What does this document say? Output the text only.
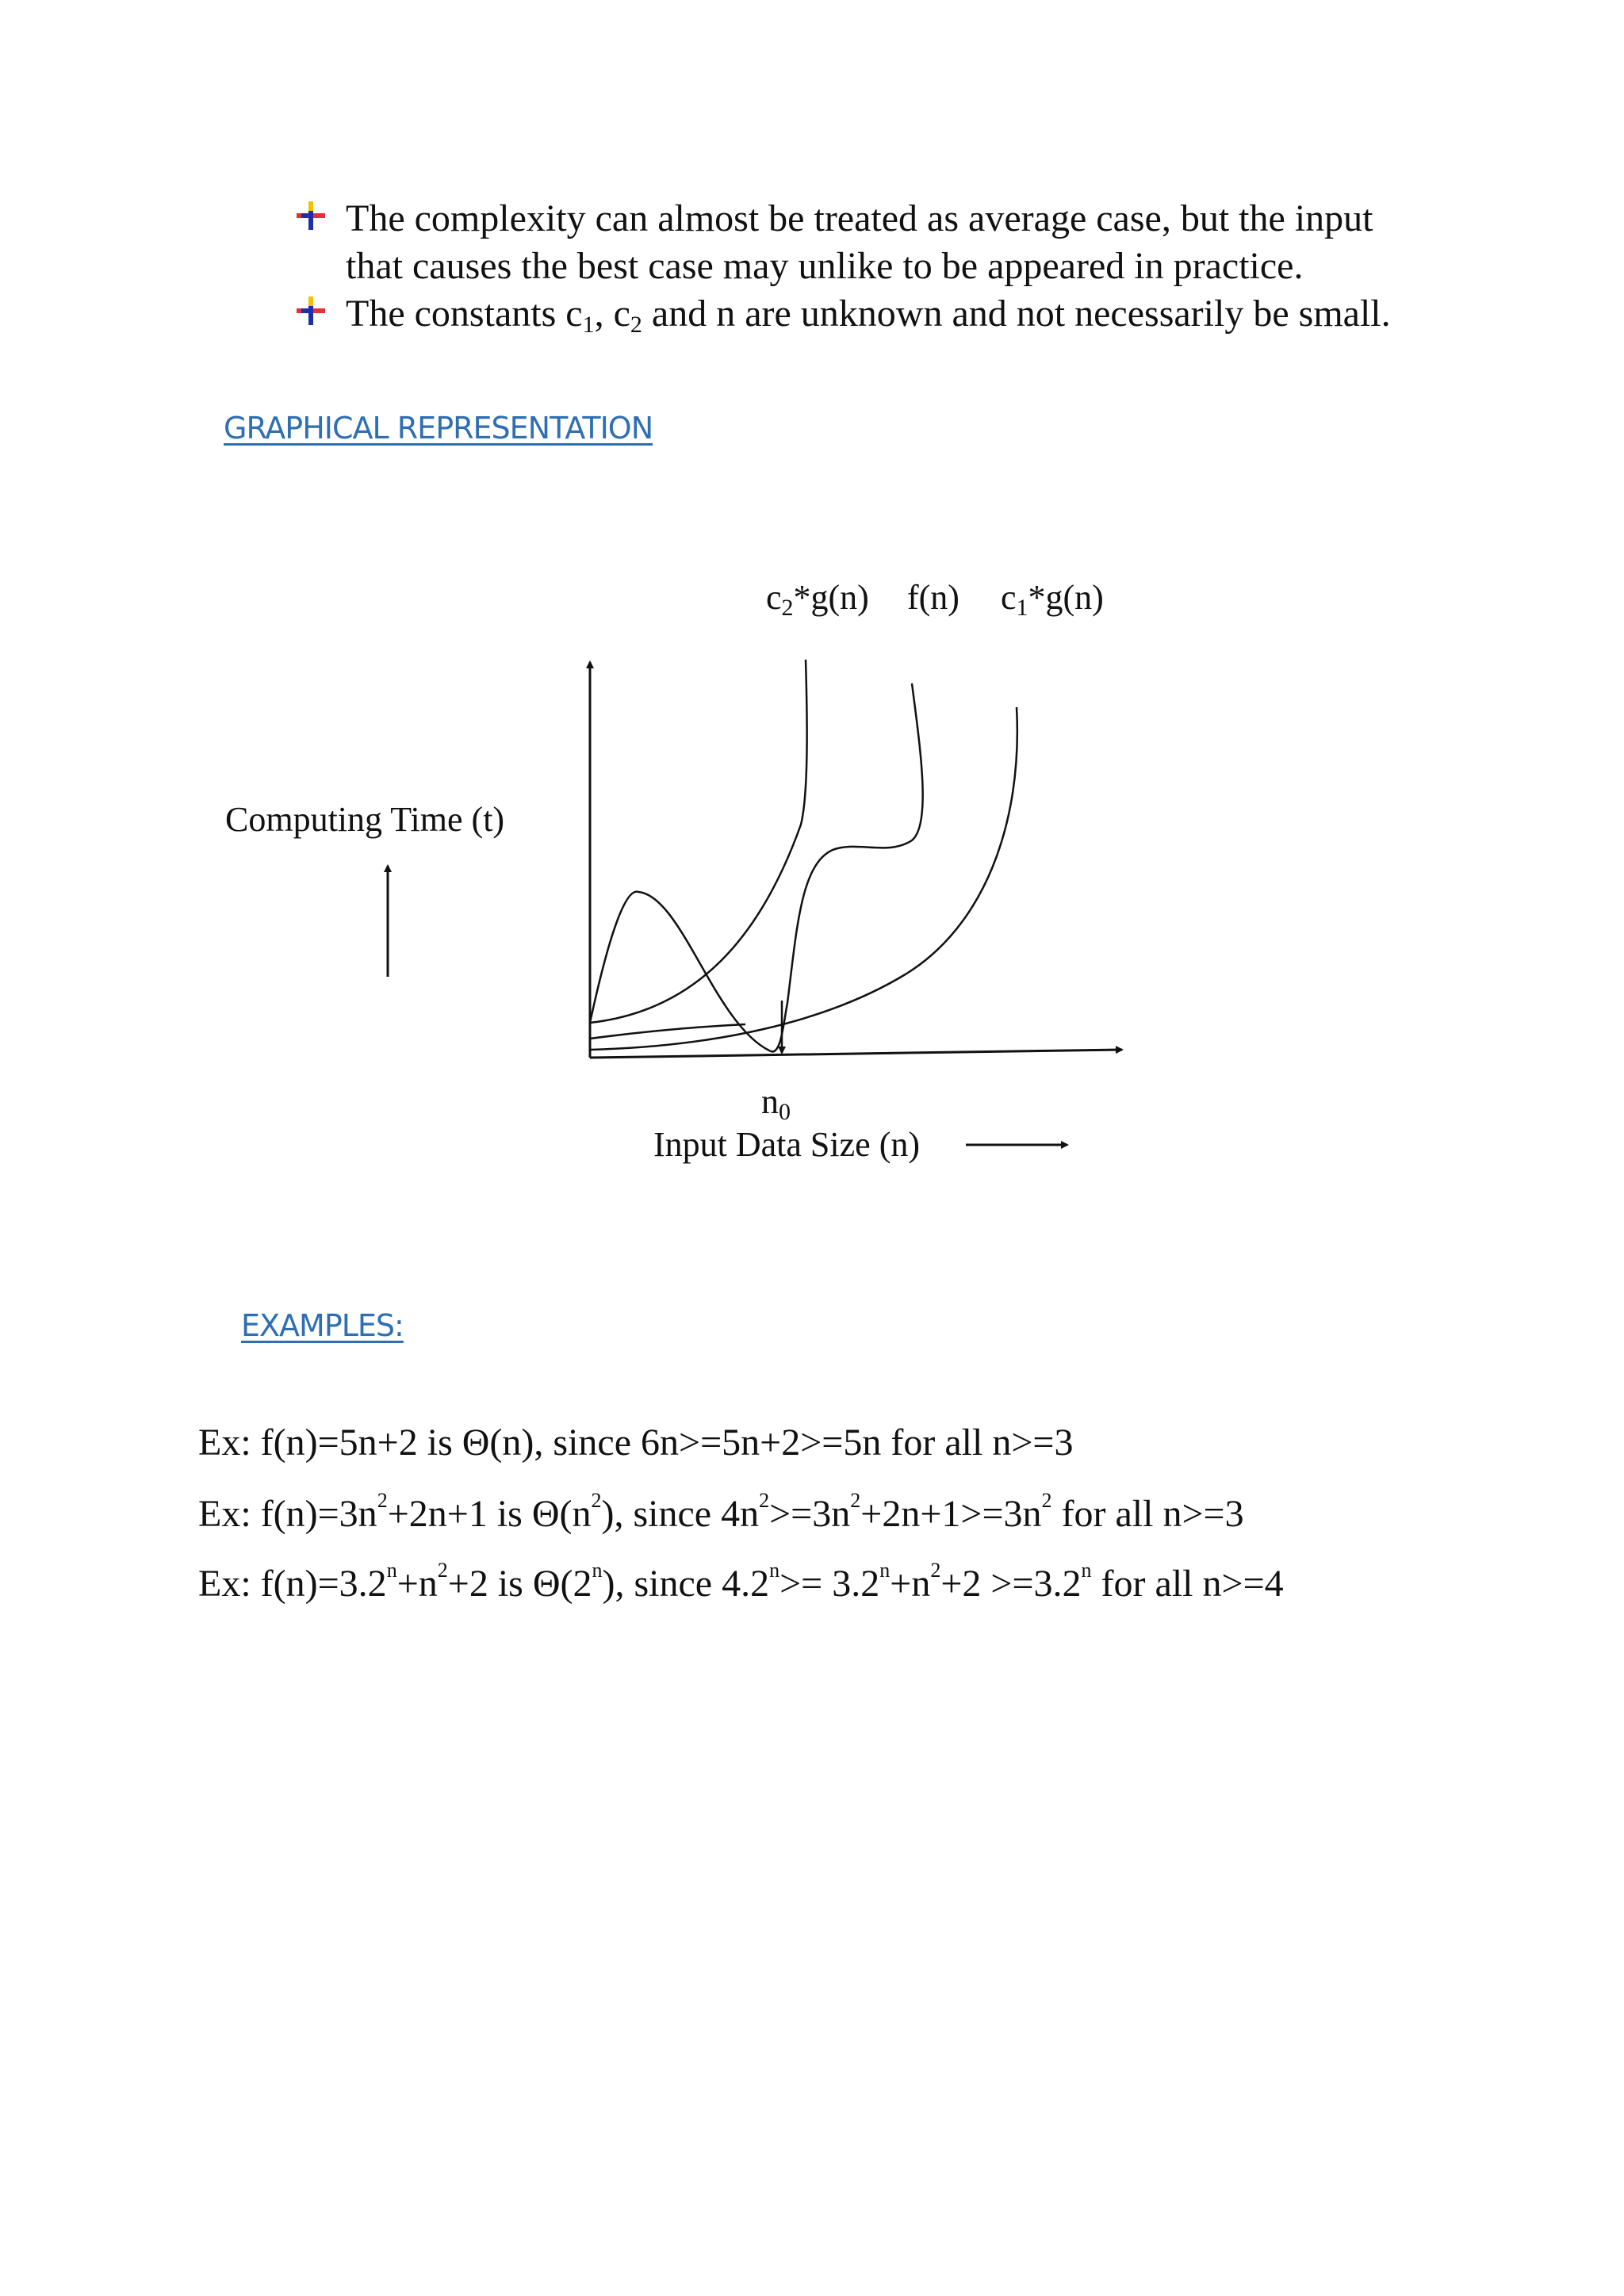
The complexity can almost be treated as average case, but the input
that causes the best case may unlike to be appeared in practice.
The constants c1, c2 and n are unknown and not necessarily be small.
GRAPHICAL REPRESENTATION
c2*g(n) f(n) c1*g(n)
Computing Time (t)
n0
Input Data Size (n)
EXAMPLES:
Ex: f(n)=5n+2 is Θ(n), since 6n>=5n+2>=5n for all n>=3
Ex: $f(n)=3n^2+2n+1$ is $\Theta(n^2)$, since $4n^2>=3n^2+2n+1>=3n^2$ for all n>=3
Ex: $f(n)=3.2^n+n^2+2$ is Θ(2$^n$), since $4.2^n>= 3.2^n+n^2+2 >=3.2^n$ for all n>=4
